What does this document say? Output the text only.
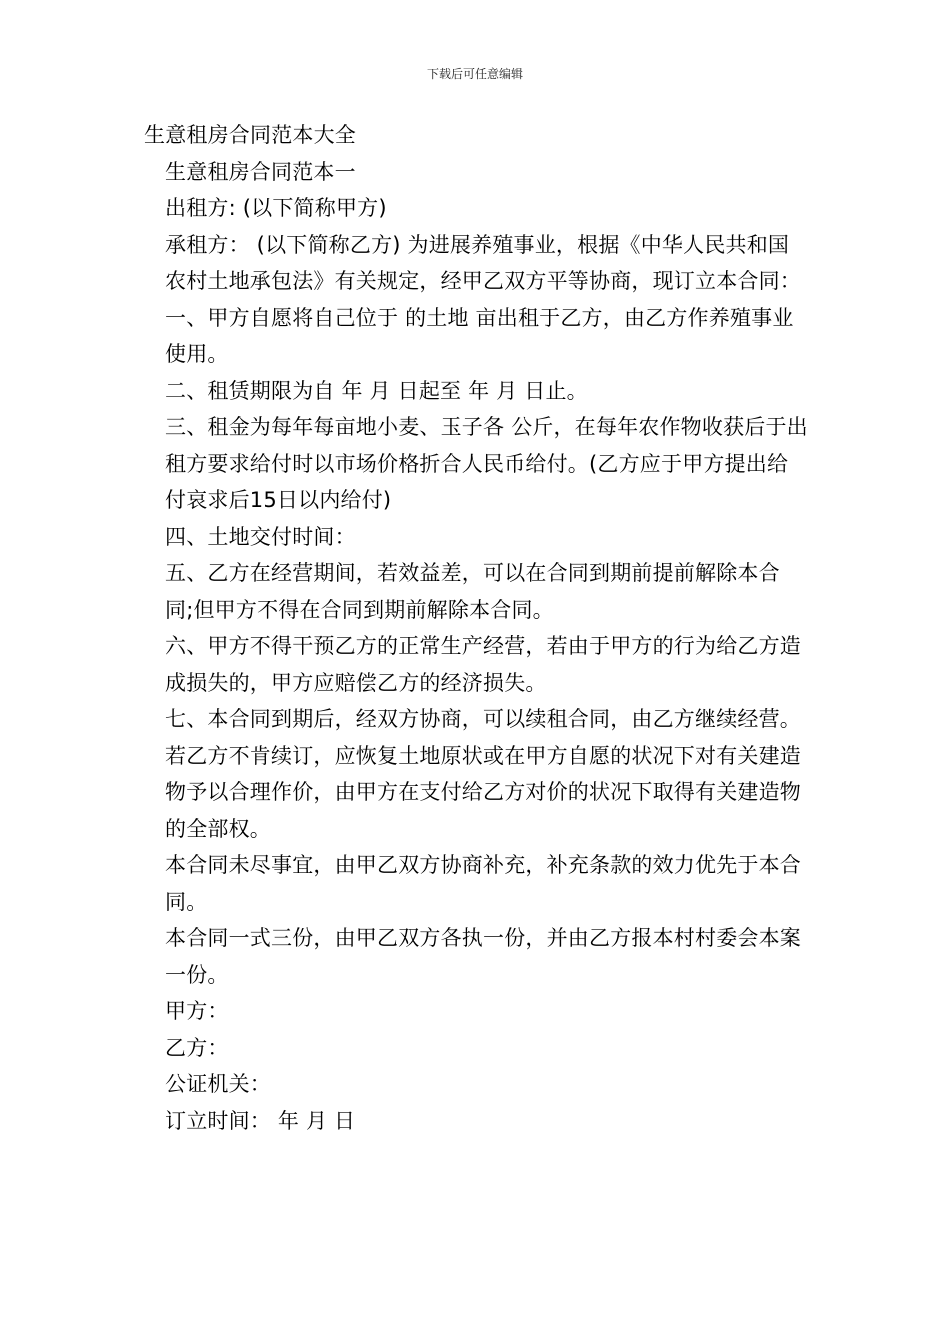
下载后可任意编辑

生意租房合同范本大全

生意租房合同范本一

出租方: (以下简称甲方)

承租方： (以下简称乙方) 为进展养殖事业，根据《中华人民共和国农村土地承包法》有关规定，经甲乙双方平等协商，现订立本合同：

一、甲方自愿将自己位于 的土地 亩出租于乙方，由乙方作养殖事业使用。

二、租赁期限为自 年 月 日起至 年 月 日止。

三、租金为每年每亩地小麦、玉子各 公斤，在每年农作物收获后于出租方要求给付时以市场价格折合人民币给付。(乙方应于甲方提出给付哀求后15日以内给付)

四、土地交付时间：

五、乙方在经营期间，若效益差，可以在合同到期前提前解除本合同;但甲方不得在合同到期前解除本合同。

六、甲方不得干预乙方的正常生产经营，若由于甲方的行为给乙方造成损失的，甲方应赔偿乙方的经济损失。

七、本合同到期后，经双方协商，可以续租合同，由乙方继续经营。若乙方不肯续订，应恢复土地原状或在甲方自愿的状况下对有关建造物予以合理作价，由甲方在支付给乙方对价的状况下取得有关建造物的全部权。

本合同未尽事宜，由甲乙双方协商补充，补充条款的效力优先于本合同。

本合同一式三份，由甲乙双方各执一份，并由乙方报本村村委会本案一份。

甲方：

乙方：

公证机关：

订立时间： 年 月 日
